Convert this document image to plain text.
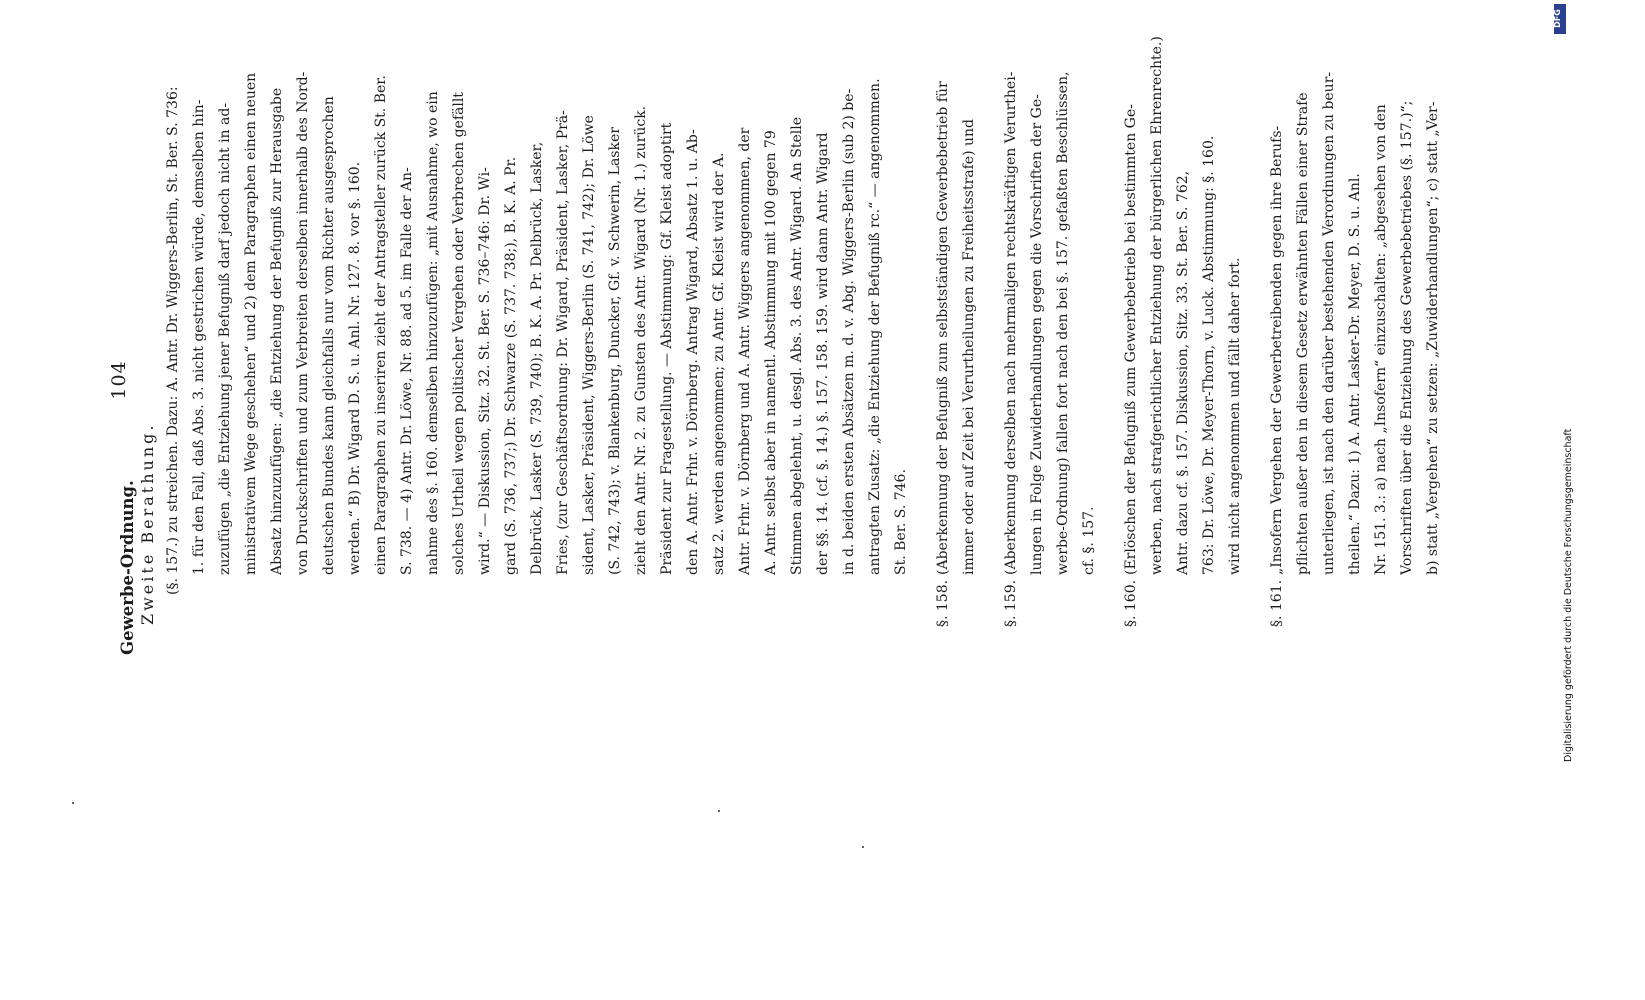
104
Gewerbe-Ordnung. Zweite Berathung. (§. 157.) zu streichen. Dazu: A. Antr. Dr. Wiggers-Berlin, St. Ber. S. 736: 1. für den Fall, daß Abs. 3. nicht gestrichen würde, demselben hin- zuzufügen „die Entziehung jener Befugniß darf jedoch nicht in ad- ministrativem Wege geschehen“ und 2) dem Paragraphen einen neuen Absatz hinzuzufügen: „die Entziehung der Befugniß zur Herausgabe von Druckschriften und zum Verbreiten derselben innerhalb des Nord- deutschen Bundes kann gleichfalls nur vom Richter ausgesprochen werden.“ B) Dr. Wigard D. S. u. Anl. Nr. 127. 8. vor §. 160. einen Paragraphen zu inseriren zieht der Antragsteller zurück St. Ber. S. 738. — 4) Antr. Dr. Löwe, Nr. 88. ad 5. im Falle der An- nahme des §. 160. demselben hinzuzufügen: „mit Ausnahme, wo ein solches Urtheil wegen politischer Vergehen oder Verbrechen gefällt wird.“ — Diskussion, Sitz. 32. St. Ber. S. 736–746: Dr. Wi- gard (S. 736, 737;) Dr. Schwarze (S. 737. 738;), B. K. A. Pr. Delbrück, Lasker (S. 739, 740); B. K. A. Pr. Delbrück, Lasker, Fries, (zur Geschäftsordnung: Dr. Wigard, Präsident, Lasker, Prä- sident, Lasker, Präsident, Wiggers-Berlin (S. 741, 742); Dr. Löwe (S. 742, 743); v. Blankenburg, Duncker, Gf. v. Schwerin, Lasker zieht den Antr. Nr. 2. zu Gunsten des Antr. Wigard (Nr. 1.) zurück. Präsident zur Fragestellung. — Abstimmung: Gf. Kleist adoptirt den A. Antr. Frhr. v. Dörnberg. Antrag Wigard, Absatz 1. u. Ab- satz 2. werden angenommen; zu Antr. Gf. Kleist wird der A. Antr. Frhr. v. Dörnberg und A. Antr. Wiggers angenommen, der A. Antr. selbst aber in namentl. Abstimmung mit 100 gegen 79 Stimmen abgelehnt, u. desgl. Abs. 3. des Antr. Wigard. An Stelle der §§. 14. (cf. §. 14.) §. 157. 158. 159. wird dann Antr. Wigard in d. beiden ersten Absätzen m. d. v. Abg. Wiggers-Berlin (sub 2) be- antragten Zusatz: „die Entziehung der Befugniß rc.“ — angenommen. St. Ber. S. 746.
§. 158.
(Aberkennung der Befugniß zum selbstständigen Gewerbebetrieb für immer oder auf Zeit bei Verurtheilungen zu Freiheitsstrafe) und
§. 159.
(Aberkennung derselben nach mehrmaligen rechtskräftigen Verurthei- lungen in Folge Zuwiderhandlungen gegen die Vorschriften der Ge- werbe-Ordnung) fallen fort nach den bei §. 157. gefaßten Beschlüssen, cf. §. 157.
§. 160.
(Erlöschen der Befugniß zum Gewerbebetrieb bei bestimmten Ge- werben, nach strafgerichtlicher Entziehung der bürgerlichen Ehrenrechte.) Antr. dazu cf. §. 157. Diskussion, Sitz. 33. St. Ber. S. 762, 763: Dr. Löwe, Dr. Meyer-Thorn, v. Luck. Abstimmung: §. 160. wird nicht angenommen und fällt daher fort.
§. 161.
„Insofern Vergehen der Gewerbetreibenden gegen ihre Berufs- pflichten außer den in diesem Gesetz erwähnten Fällen einer Strafe unterliegen, ist nach den darüber bestehenden Verordnungen zu beur- theilen.“ Dazu: 1) A. Antr. Lasker-Dr. Meyer, D. S. u. Anl. Nr. 151. 3.: a) nach „Insofern“ einzuschalten: „abgesehen von den Vorschriften über die Entziehung des Gewerbebetriebes (§. 157.)“; b) statt „Vergehen“ zu setzen: „Zuwiderhandlungen“; c) statt „Ver-
DFG
Digitalisierung gefördert durch die Deutsche Forschungsgemeinschaft
